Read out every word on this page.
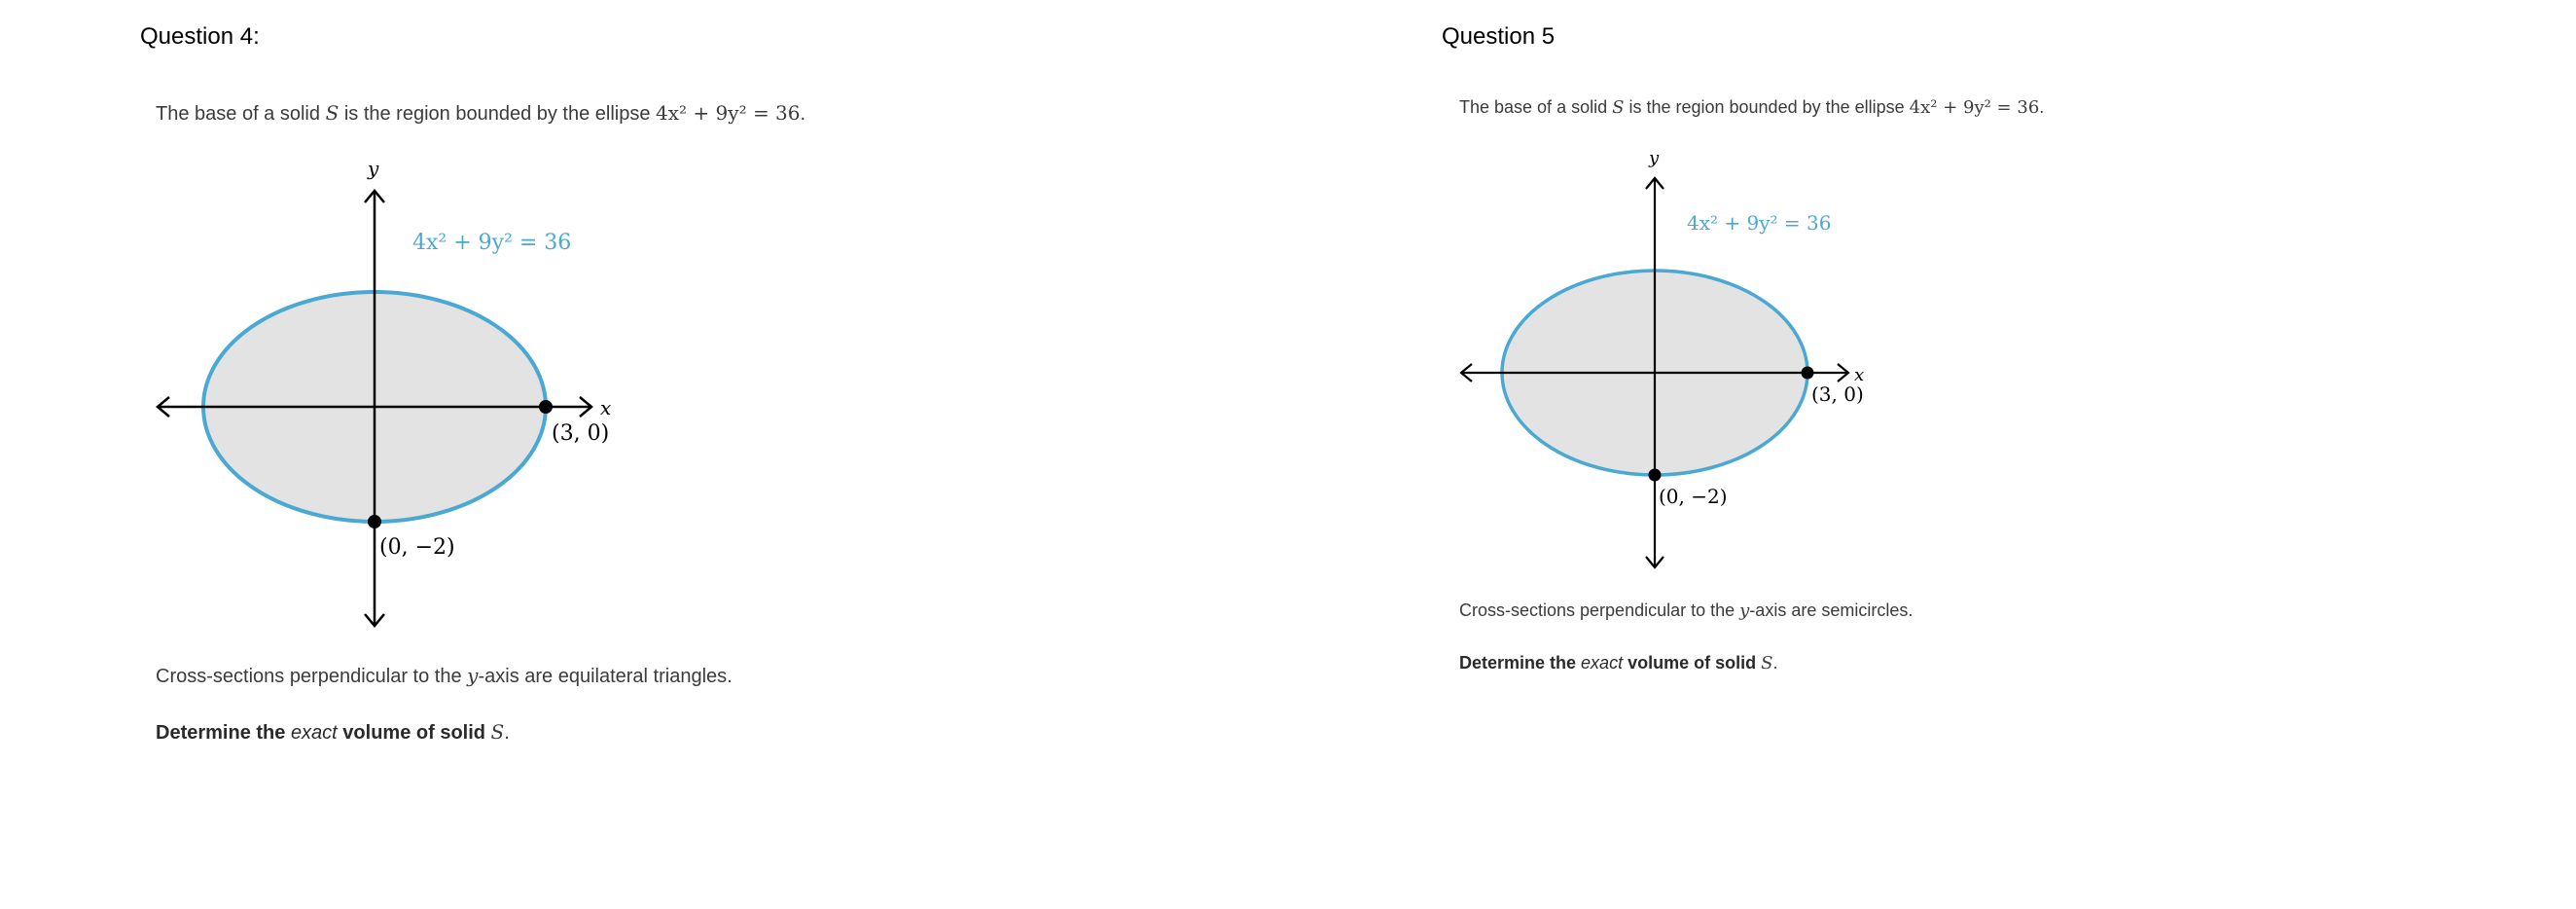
Question 4:
The base of a solid S is the region bounded by the ellipse 4x² + 9y² = 36.
y
x
4x² + 9y² = 36
(3, 0)
(0, −2)
Cross-sections perpendicular to the y-axis are equilateral triangles.
Determine the exact volume of solid S.
Question 5
The base of a solid S is the region bounded by the ellipse 4x² + 9y² = 36.
y
x
4x² + 9y² = 36
(3, 0)
(0, −2)
Cross-sections perpendicular to the y-axis are semicircles.
Determine the exact volume of solid S.
